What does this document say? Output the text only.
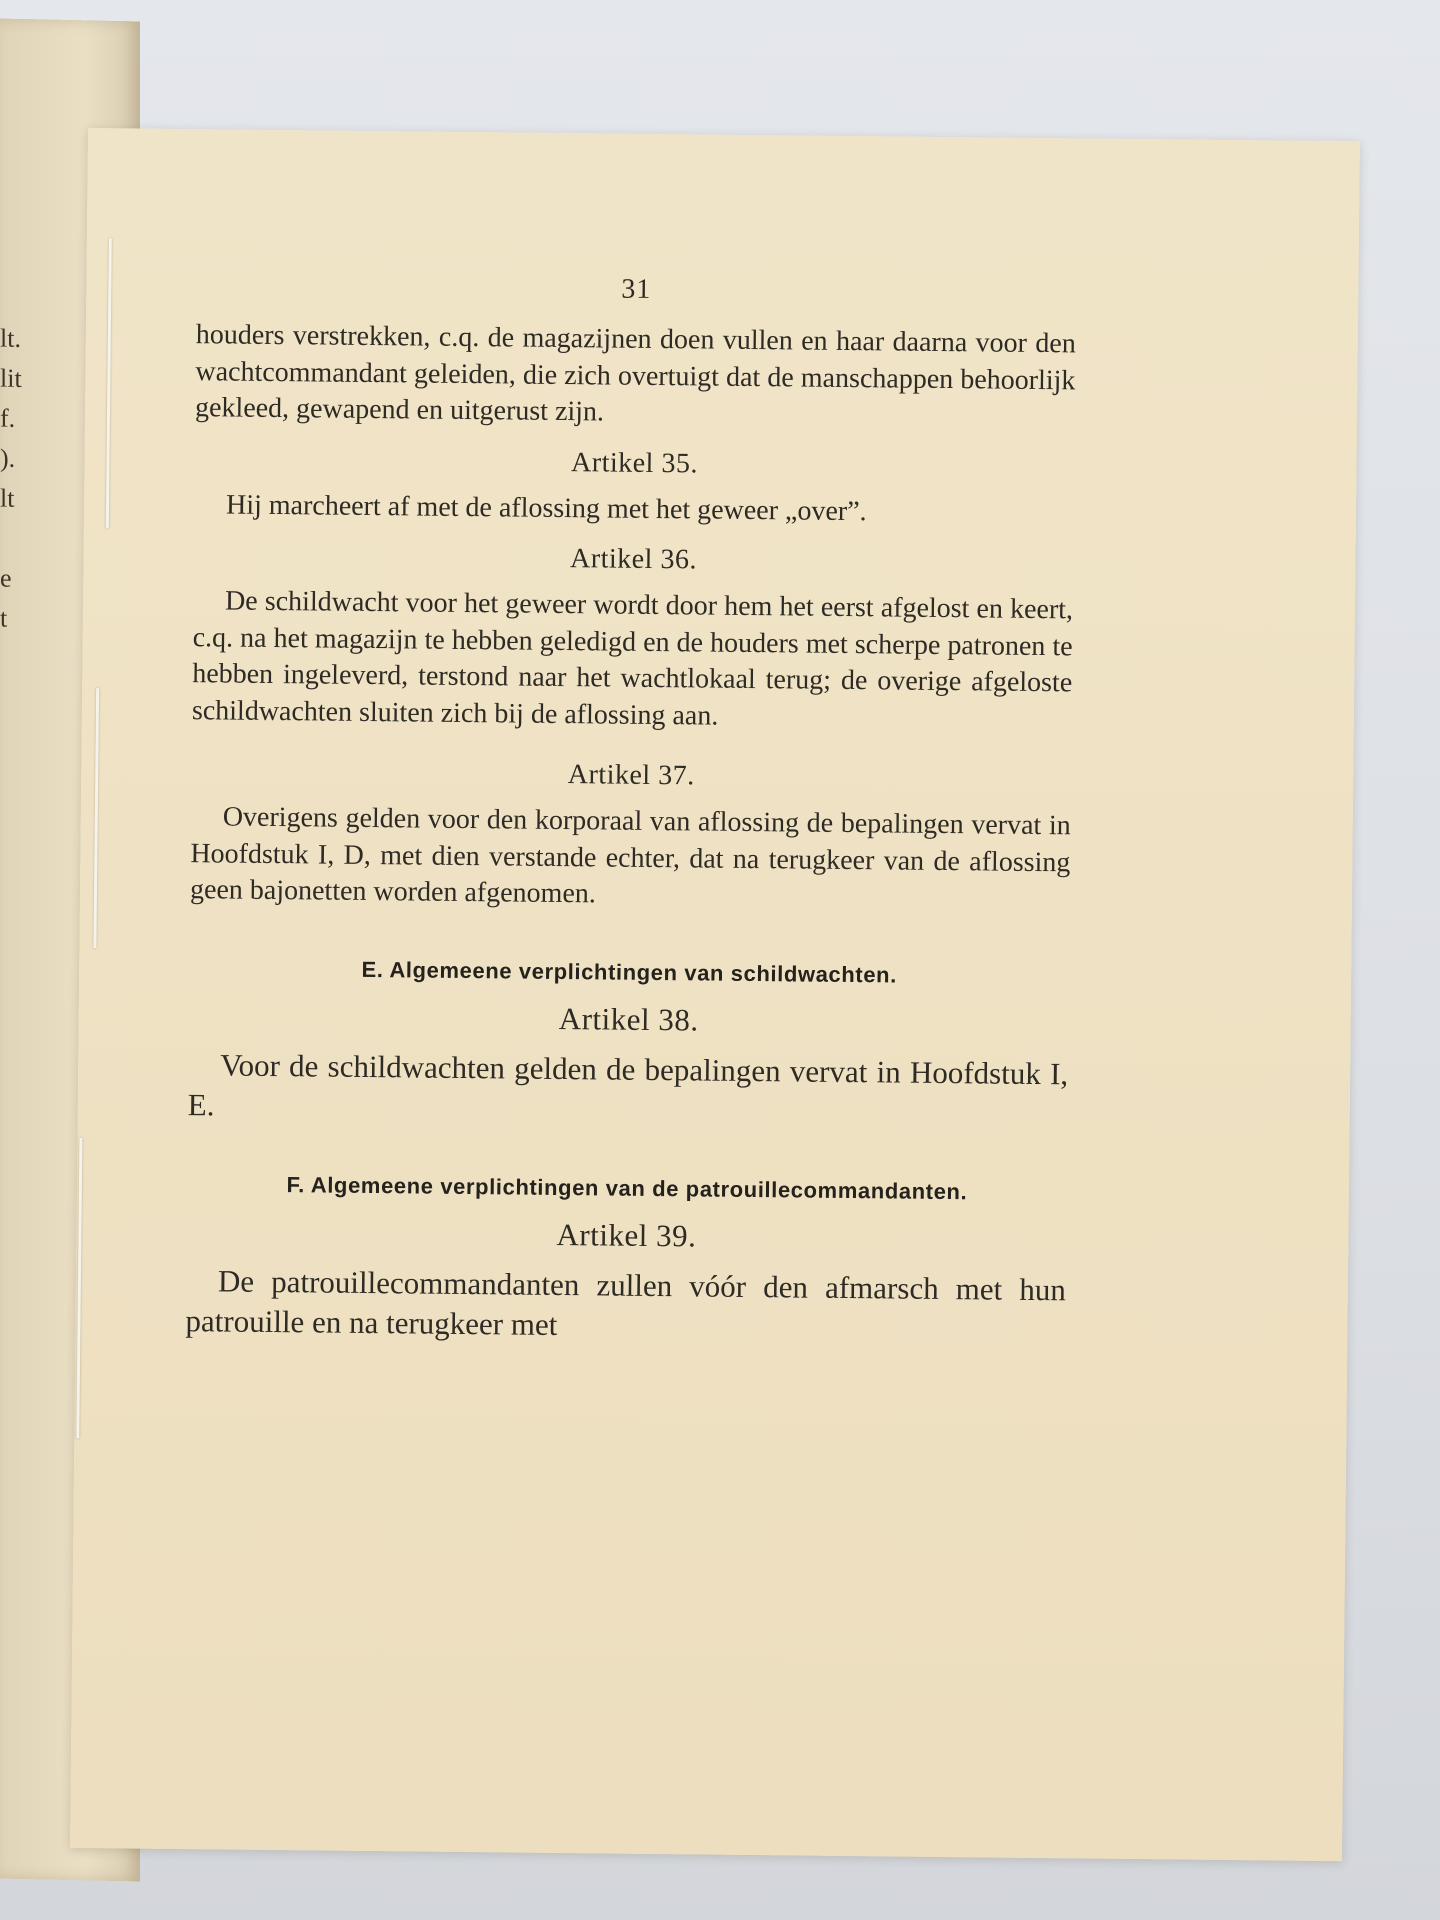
lt.
lit
f.
).
lt
e
t
31

houders verstrekken, c.q. de magazijnen doen vullen en haar daarna voor den wachtcommandant geleiden, die zich overtuigt dat de manschappen behoorlijk gekleed, gewapend en uitgerust zijn.

Artikel 35.

Hij marcheert af met de aflossing met het geweer „over”.

Artikel 36.

De schildwacht voor het geweer wordt door hem het eerst afgelost en keert, c.q. na het magazijn te hebben geledigd en de houders met scherpe patronen te hebben ingeleverd, terstond naar het wachtlokaal terug; de overige afgeloste schildwachten sluiten zich bij de aflossing aan.

Artikel 37.

Overigens gelden voor den korporaal van aflossing de bepalingen vervat in Hoofdstuk I, D, met dien verstande echter, dat na terugkeer van de aflossing geen bajonetten worden afgenomen.

E. Algemeene verplichtingen van schildwachten.
Artikel 38.

Voor de schildwachten gelden de bepalingen vervat in Hoofdstuk I, E.

F. Algemeene verplichtingen van de patrouillecommandanten.
Artikel 39.

De patrouillecommandanten zullen vóór den afmarsch met hun patrouille en na terugkeer met
